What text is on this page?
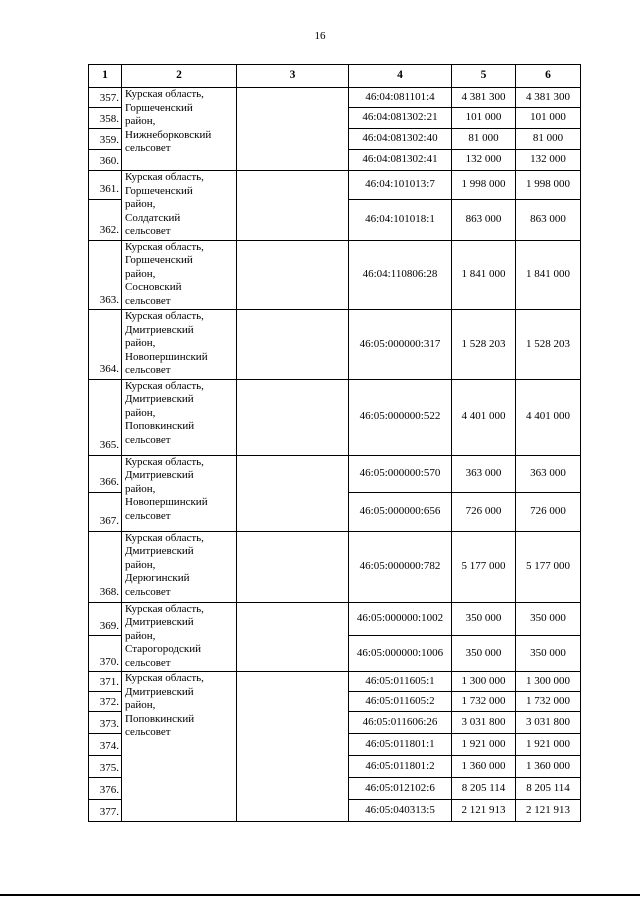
16
1	2	3	4	5	6
357.	Курская область,
Горшеченский
район,
Нижнеборковский
сельсовет		46:04:081101:4	4 381 300	4 381 300
358.			46:04:081302:21	101 000	101 000
359.			46:04:081302:40	81 000	81 000
360.			46:04:081302:41	132 000	132 000
361.	Курская область,
Горшеченский
район,
Солдатский
сельсовет		46:04:101013:7	1 998 000	1 998 000
362.			46:04:101018:1	863 000	863 000
363.	Курская область,
Горшеченский
район,
Сосновский
сельсовет		46:04:110806:28	1 841 000	1 841 000
364.	Курская область,
Дмитриевский
район,
Новопершинский
сельсовет		46:05:000000:317	1 528 203	1 528 203
365.	Курская область,
Дмитриевский
район,
Поповкинский
сельсовет		46:05:000000:522	4 401 000	4 401 000
366.	Курская область,
Дмитриевский
район,
Новопершинский
сельсовет		46:05:000000:570	363 000	363 000
367.			46:05:000000:656	726 000	726 000
368.	Курская область,
Дмитриевский
район,
Дерюгинский
сельсовет		46:05:000000:782	5 177 000	5 177 000
369.	Курская область,
Дмитриевский
район,
Старогородский
сельсовет		46:05:000000:1002	350 000	350 000
370.			46:05:000000:1006	350 000	350 000
371.	Курская область,
Дмитриевский
район,
Поповкинский
сельсовет		46:05:011605:1	1 300 000	1 300 000
372.			46:05:011605:2	1 732 000	1 732 000
373.			46:05:011606:26	3 031 800	3 031 800
374.			46:05:011801:1	1 921 000	1 921 000
375.			46:05:011801:2	1 360 000	1 360 000
376.			46:05:012102:6	8 205 114	8 205 114
377.			46:05:040313:5	2 121 913	2 121 913
